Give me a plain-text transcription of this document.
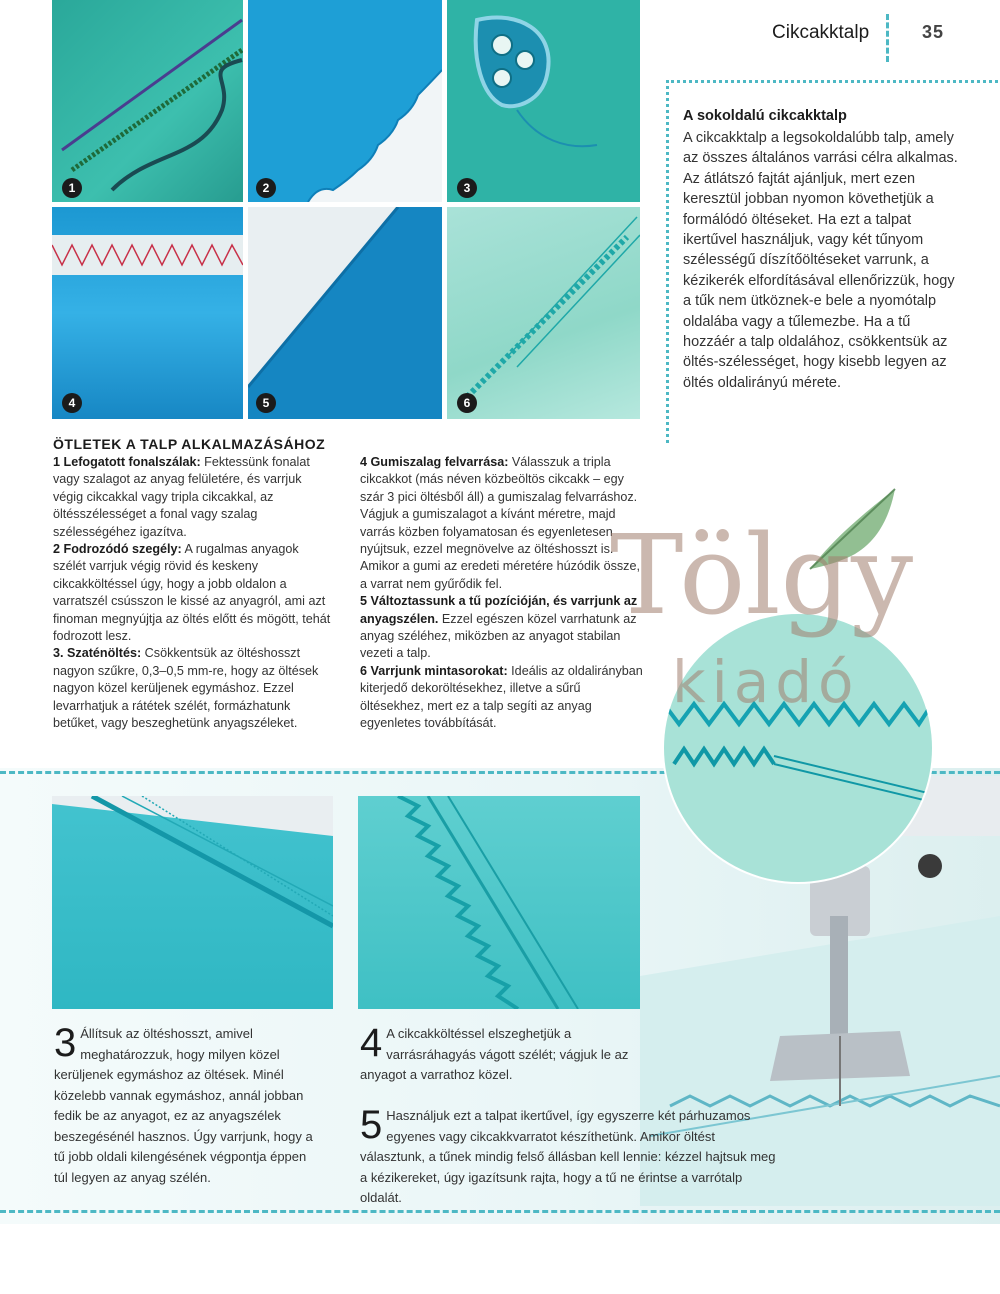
Cikcakktalp	35
1	2	3
4	5	6
A sokoldalú cikcakktalp
A cikcakktalp a legsokoldalúbb talp, amely az összes általános varrási célra alkalmas. Az átlátszó fajtát ajánljuk, mert ezen keresztül jobban nyomon követhetjük a formálódó öltéseket. Ha ezt a talpat ikertűvel használjuk, vagy két tűnyom szélességű díszítőöltéseket varrunk, a kézikerék elfordításával ellenőrizzük, hogy a tűk nem ütköznek-e bele a nyomótalp oldalába vagy a tűlemezbe. Ha a tű hozzáér a talp oldalához, csökkentsük az öltés-szélességet, hogy kisebb legyen az öltés oldalirányú mérete.
ÖTLETEK A TALP ALKALMAZÁSÁHOZ

1 Lefogatott fonalszálak: Fektessünk fonalat vagy szalagot az anyag felületére, és varrjuk végig cikcakkal vagy tripla cikcakkal, az öltésszélességet a fonal vagy szalag szélességéhez igazítva.

2 Fodrozódó szegély: A rugalmas anyagok szélét varrjuk végig rövid és keskeny cikcakköltéssel úgy, hogy a jobb oldalon a varratszél csússzon le kissé az anyagról, ami azt finoman megnyújtja az öltés előtt és mögött, tehát fodrozott lesz.

3. Szaténöltés: Csökkentsük az öltéshosszt nagyon szűkre, 0,3–0,5 mm-re, hogy az öltések nagyon közel kerüljenek egymáshoz. Ezzel levarrhatjuk a rátétek szélét, formázhatunk betűket, vagy beszeghetünk anyagszéleket.

4 Gumiszalag felvarrása: Válasszuk a tripla cikcakkot (más néven közbeöltös cikcakk – egy szár 3 pici öltésből áll) a gumiszalag felvarráshoz. Vágjuk a gumiszalagot a kívánt méretre, majd varrás közben folyamatosan és egyenletesen nyújtsuk, ezzel megnövelve az öltéshosszt is. Amikor a gumi az eredeti méretére húzódik össze, a varrat nem gyűrődik fel.

5 Változtassunk a tű pozícióján, és varrjunk az anyagszélen. Ezzel egészen közel varrhatunk az anyag széléhez, miközben az anyagot stabilan vezeti a talp.

6 Varrjunk mintasorokat: Ideális az oldalirányban kiterjedő dekoröltésekhez, illetve a sűrű öltésekhez, mert ez a talp segíti az anyag egyenletes továbbítását.

3 Állítsuk az öltéshosszt, amivel meghatározzuk, hogy milyen közel kerüljenek egymáshoz az öltések. Minél közelebb vannak egymáshoz, annál jobban fedik be az anyagot, ez az anyagszélek beszegésénél hasznos. Úgy varrjunk, hogy a tű jobb oldali kilengésének végpontja éppen túl legyen az anyag szélén.
4 A cikcakköltéssel elszeghetjük a varrásráhagyás vágott szélét; vágjuk le az anyagot a varrathoz közel.
5 Használjuk ezt a talpat ikertűvel, így egyszerre két párhuzamos egyenes vagy cikcakkvarratot készíthetünk. Amikor öltést választunk, a tűnek mindig felső állásban kell lennie: kézzel hajtsuk meg a kézikereket, úgy igazítsunk rajta, hogy a tű ne érintse a varrótalp oldalát.
Tölgy
kiadó
